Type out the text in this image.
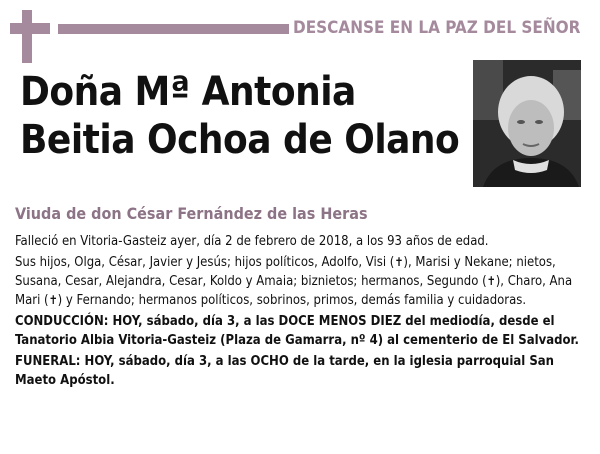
DESCANSE EN LA PAZ DEL SEÑOR
Doña Mª Antonia
Beitia Ochoa de Olano
Viuda de don César Fernández de las Heras

Falleció en Vitoria-Gasteiz ayer, día 2 de febrero de 2018, a los 93 años de edad.

Sus hijos, Olga, César, Javier y Jesús; hijos políticos, Adolfo, Visi (✝), Marisi y Nekane; nietos, Susana, Cesar, Alejandra, Cesar, Koldo y Amaia; biznietos; hermanos, Segundo (✝), Charo, Ana Mari (✝) y Fernando; hermanos políticos, sobrinos, primos, demás familia y cuidadoras.

CONDUCCIÓN: HOY, sábado, día 3, a las DOCE MENOS DIEZ del mediodía, desde el Tanatorio Albia Vitoria-Gasteiz (Plaza de Gamarra, nº 4) al cementerio de El Salvador.

FUNERAL: HOY, sábado, día 3, a las OCHO de la tarde, en la iglesia parroquial San Maeto Apóstol.
